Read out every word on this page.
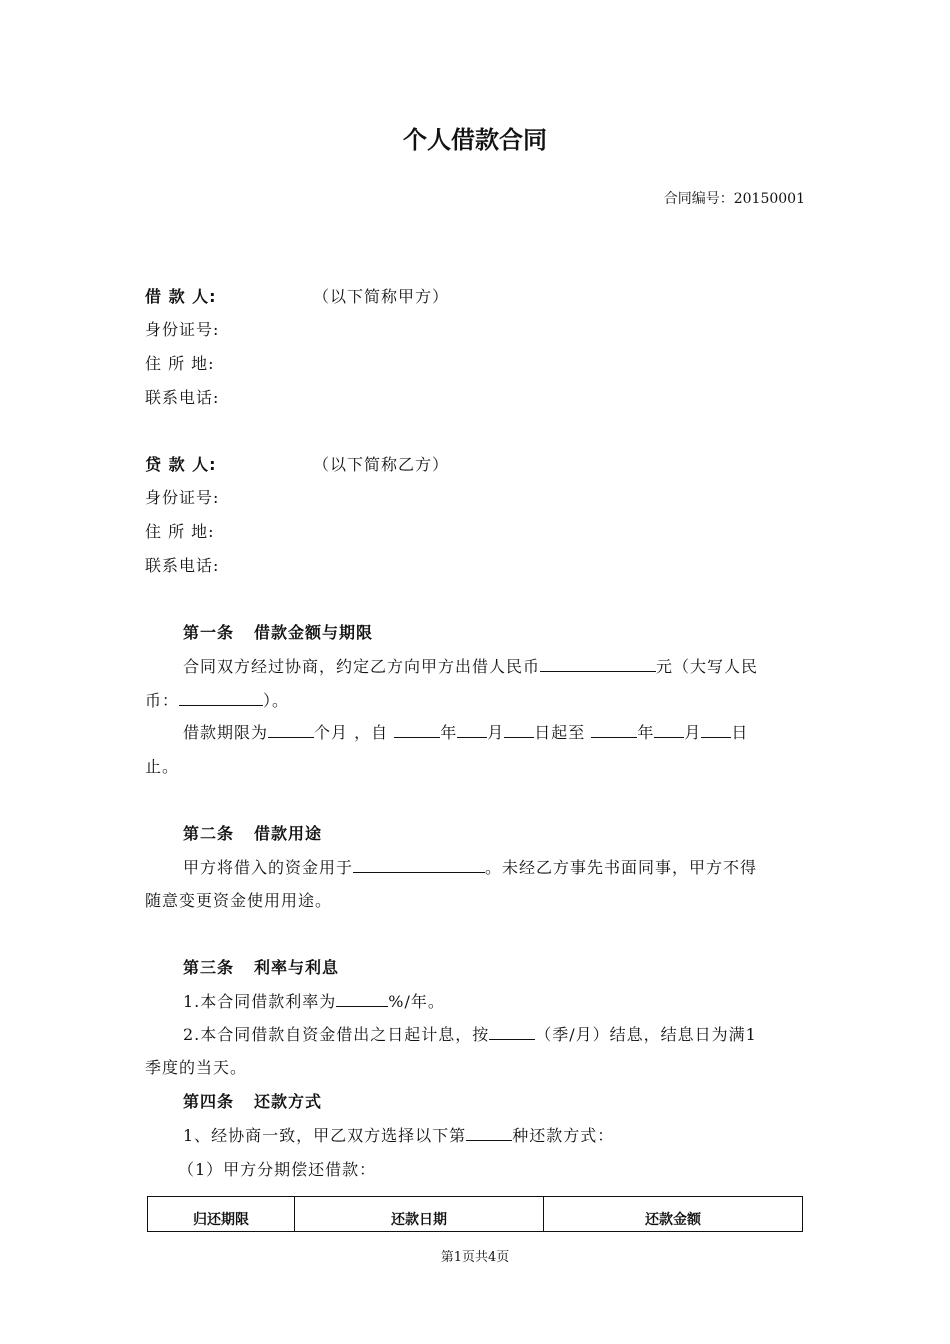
个人借款合同
合同编号：20150001
借 款 人:	（以下简称甲方）
身份证号:
住 所 地:
联系电话:
贷 款 人:	（以下简称乙方）
身份证号:
住 所 地:
联系电话:
第一条 借款金额与期限
合同双方经过协商，约定乙方向甲方出借人民币	元（大写人民
币：	）。
借款期限为	个月 ，自	年 月 日起至	年 月 日
止。
第二条 借款用途
甲方将借入的资金用于	。未经乙方事先书面同事，甲方不得
随意变更资金使用用途。
第三条 利率与利息
1.本合同借款利率为	%/年。
2.本合同借款自资金借出之日起计息，按	（季/月）结息，结息日为满1
季度的当天。
第四条 还款方式
1、经协商一致，甲乙双方选择以下第	种还款方式：
（1）甲方分期偿还借款：
归还期限	还款日期	还款金额
第1页共4页
